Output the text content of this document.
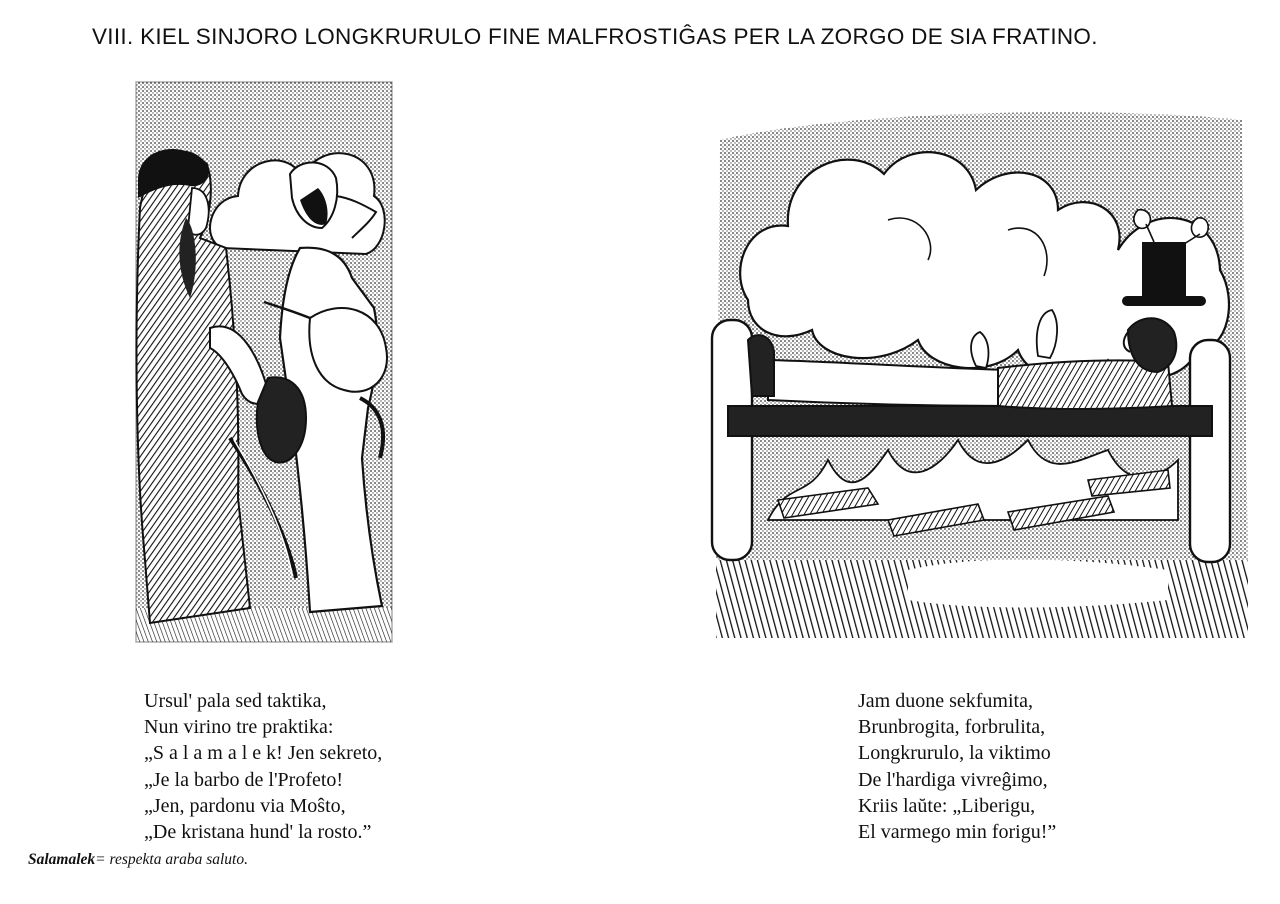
VIII. KIEL SINJORO LONGKRURULO FINE MALFROSTIĜAS PER LA ZORGO DE SIA FRATINO.
Ursul' pala sed taktika,
Nun virino tre praktika:
„S a l a m a l e k! Jen sekreto,
„Je la barbo de l'Profeto!
„Jen, pardonu via Moŝto,
„De kristana hund' la rosto.”
Jam duone sekfumita,
Brunbrogita, forbrulita,
Longkrurulo, la viktimo
De l'hardiga vivreĝimo,
Kriis laŭte: „Liberigu,
El varmego min forigu!”
Salamalek= respekta araba saluto.
